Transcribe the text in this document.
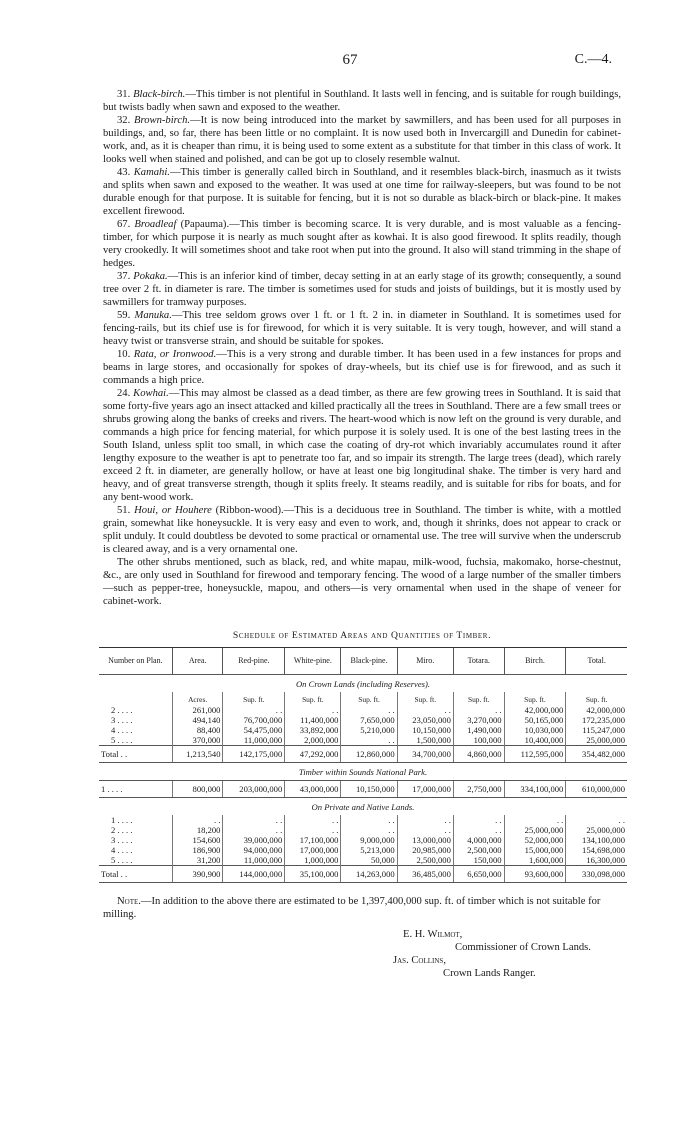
67	C.—4.

31. Black-birch.—This timber is not plentiful in Southland. It lasts well in fencing, and is suitable for rough buildings, but twists badly when sawn and exposed to the weather.

32. Brown-birch.—It is now being introduced into the market by sawmillers, and has been used for all purposes in buildings, and, so far, there has been little or no complaint. It is now used both in Invercargill and Dunedin for cabinet-work, and, as it is cheaper than rimu, it is being used to some extent as a substitute for that timber in this class of work. It looks well when stained and polished, and can be got up to closely resemble walnut.

43. Kamahi.—This timber is generally called birch in Southland, and it resembles black-birch, inasmuch as it twists and splits when sawn and exposed to the weather. It was used at one time for railway-sleepers, but was found to be not durable enough for that purpose. It is suitable for fencing, but it is not so durable as black-birch or black-pine. It makes excellent firewood.

67. Broadleaf (Papauma).—This timber is becoming scarce. It is very durable, and is most valuable as a fencing-timber, for which purpose it is nearly as much sought after as kowhai. It is also good firewood. It splits readily, though very crookedly. It will sometimes shoot and take root when put into the ground. It also will stand trimming in the shape of hedges.

37. Pokaka.—This is an inferior kind of timber, decay setting in at an early stage of its growth; consequently, a sound tree over 2 ft. in diameter is rare. The timber is sometimes used for studs and joists of buildings, but it is mostly used by sawmillers for tramway purposes.

59. Manuka.—This tree seldom grows over 1 ft. or 1 ft. 2 in. in diameter in Southland. It is sometimes used for fencing-rails, but its chief use is for firewood, for which it is very suitable. It is very tough, however, and will stand a heavy twist or transverse strain, and should be suitable for spokes.

10. Rata, or Ironwood.—This is a very strong and durable timber. It has been used in a few instances for props and beams in large stores, and occasionally for spokes of dray-wheels, but its chief use is for firewood, and as such it commands a high price.

24. Kowhai.—This may almost be classed as a dead timber, as there are few growing trees in Southland. It is said that some forty-five years ago an insect attacked and killed practically all the trees in Southland. There are a few small trees or shrubs growing along the banks of creeks and rivers. The heart-wood which is now left on the ground is very durable, and commands a high price for fencing material, for which purpose it is solely used. It is one of the best lasting trees in the South Island, unless split too small, in which case the coating of dry-rot which invariably accumulates round it after lengthy exposure to the weather is apt to penetrate too far, and so impair its strength. The large trees (dead), which rarely exceed 2 ft. in diameter, are generally hollow, or have at least one big longitudinal shake. The timber is very hard and heavy, and of great transverse strength, though it splits freely. It steams readily, and is suitable for ribs for boats, and for any bent-wood work.

51. Houi, or Houhere (Ribbon-wood).—This is a deciduous tree in Southland. The timber is white, with a mottled grain, somewhat like honeysuckle. It is very easy and even to work, and, though it shrinks, does not appear to crack or split unduly. It could doubtless be devoted to some practical or ornamental use. The tree will survive when the underscrub is cleared away, and is a very ornamental one.

The other shrubs mentioned, such as black, red, and white mapau, milk-wood, fuchsia, makomako, horse-chestnut, &c., are only used in Southland for firewood and temporary fencing. The wood of a large number of the smaller timbers—such as pepper-tree, honeysuckle, mapou, and others—is very ornamental when used in the shape of veneer for cabinet-work.

Schedule of Estimated Areas and Quantities of Timber.
Number on Plan.	Area.	Red-pine.	White-pine.	Black-pine.	Miro.	Totara.	Birch.	Total.
On Crown Lands (including Reserves).								
	Acres.	Sup. ft.	Sup. ft.	Sup. ft.	Sup. ft.	Sup. ft.	Sup. ft.	Sup. ft.
2 . . . .	261,000	. .	. .	. .	. .	. .	42,000,000	42,000,000
3 . . . .	494,140	76,700,000	11,400,000	7,650,000	23,050,000	3,270,000	50,165,000	172,235,000
4 . . . .	88,400	54,475,000	33,892,000	5,210,000	10,150,000	1,490,000	10,030,000	115,247,000
5 . . . .	370,000	11,000,000	2,000,000	. .	1,500,000	100,000	10,400,000	25,000,000
Total . .	1,213,540	142,175,000	47,292,000	12,860,000	34,700,000	4,860,000	112,595,000	354,482,000
Timber within Sounds National Park.								
1 . . . .	800,000	203,000,000	43,000,000	10,150,000	17,000,000	2,750,000	334,100,000	610,000,000
On Private and Native Lands.								
1 . . . .	. .	. .	. .	. .	. .	. .	. .	. .
2 . . . .	18,200	. .	. .	. .	. .	. .	25,000,000	25,000,000
3 . . . .	154,600	39,000,000	17,100,000	9,000,000	13,000,000	4,000,000	52,000,000	134,100,000
4 . . . .	186,900	94,000,000	17,000,000	5,213,000	20,985,000	2,500,000	15,000,000	154,698,000
5 . . . .	31,200	11,000,000	1,000,000	50,000	2,500,000	150,000	1,600,000	16,300,000
Total . .	390,900	144,000,000	35,100,000	14,263,000	36,485,000	6,650,000	93,600,000	330,098,000
Note.—In addition to the above there are estimated to be 1,397,400,000 sup. ft. of timber which is not suitable for milling.
E. H. Wilmot,
Commissioner of Crown Lands.
Jas. Collins,
Crown Lands Ranger.
